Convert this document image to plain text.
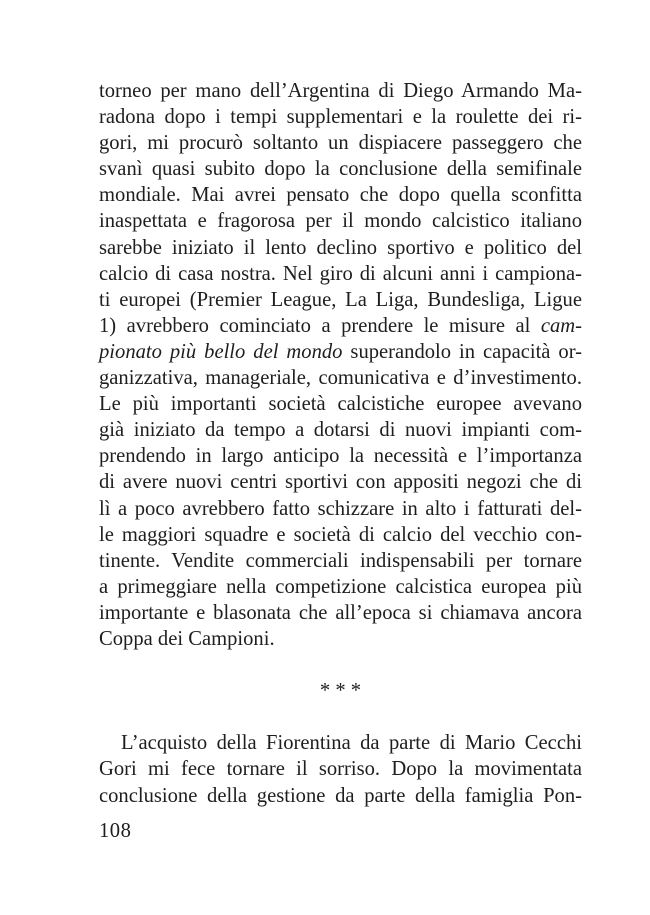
torneo per mano dell’Argentina di Diego Armando Ma-
radona dopo i tempi supplementari e la roulette dei ri-
gori, mi procurò soltanto un dispiacere passeggero che
svanì quasi subito dopo la conclusione della semifinale
mondiale. Mai avrei pensato che dopo quella sconfitta
inaspettata e fragorosa per il mondo calcistico italiano
sarebbe iniziato il lento declino sportivo e politico del
calcio di casa nostra. Nel giro di alcuni anni i campiona-
ti europei (Premier League, La Liga, Bundesliga, Ligue
1) avrebbero cominciato a prendere le misure al cam-
pionato più bello del mondo superandolo in capacità or-
ganizzativa, manageriale, comunicativa e d’investimento.
Le più importanti società calcistiche europee avevano
già iniziato da tempo a dotarsi di nuovi impianti com-
prendendo in largo anticipo la necessità e l’importanza
di avere nuovi centri sportivi con appositi negozi che di
lì a poco avrebbero fatto schizzare in alto i fatturati del-
le maggiori squadre e società di calcio del vecchio con-
tinente. Vendite commerciali indispensabili per tornare
a primeggiare nella competizione calcistica europea più
importante e blasonata che all’epoca si chiamava ancora
Coppa dei Campioni.
* * *
L’acquisto della Fiorentina da parte di Mario Cecchi
Gori mi fece tornare il sorriso. Dopo la movimentata
conclusione della gestione da parte della famiglia Pon-
108
